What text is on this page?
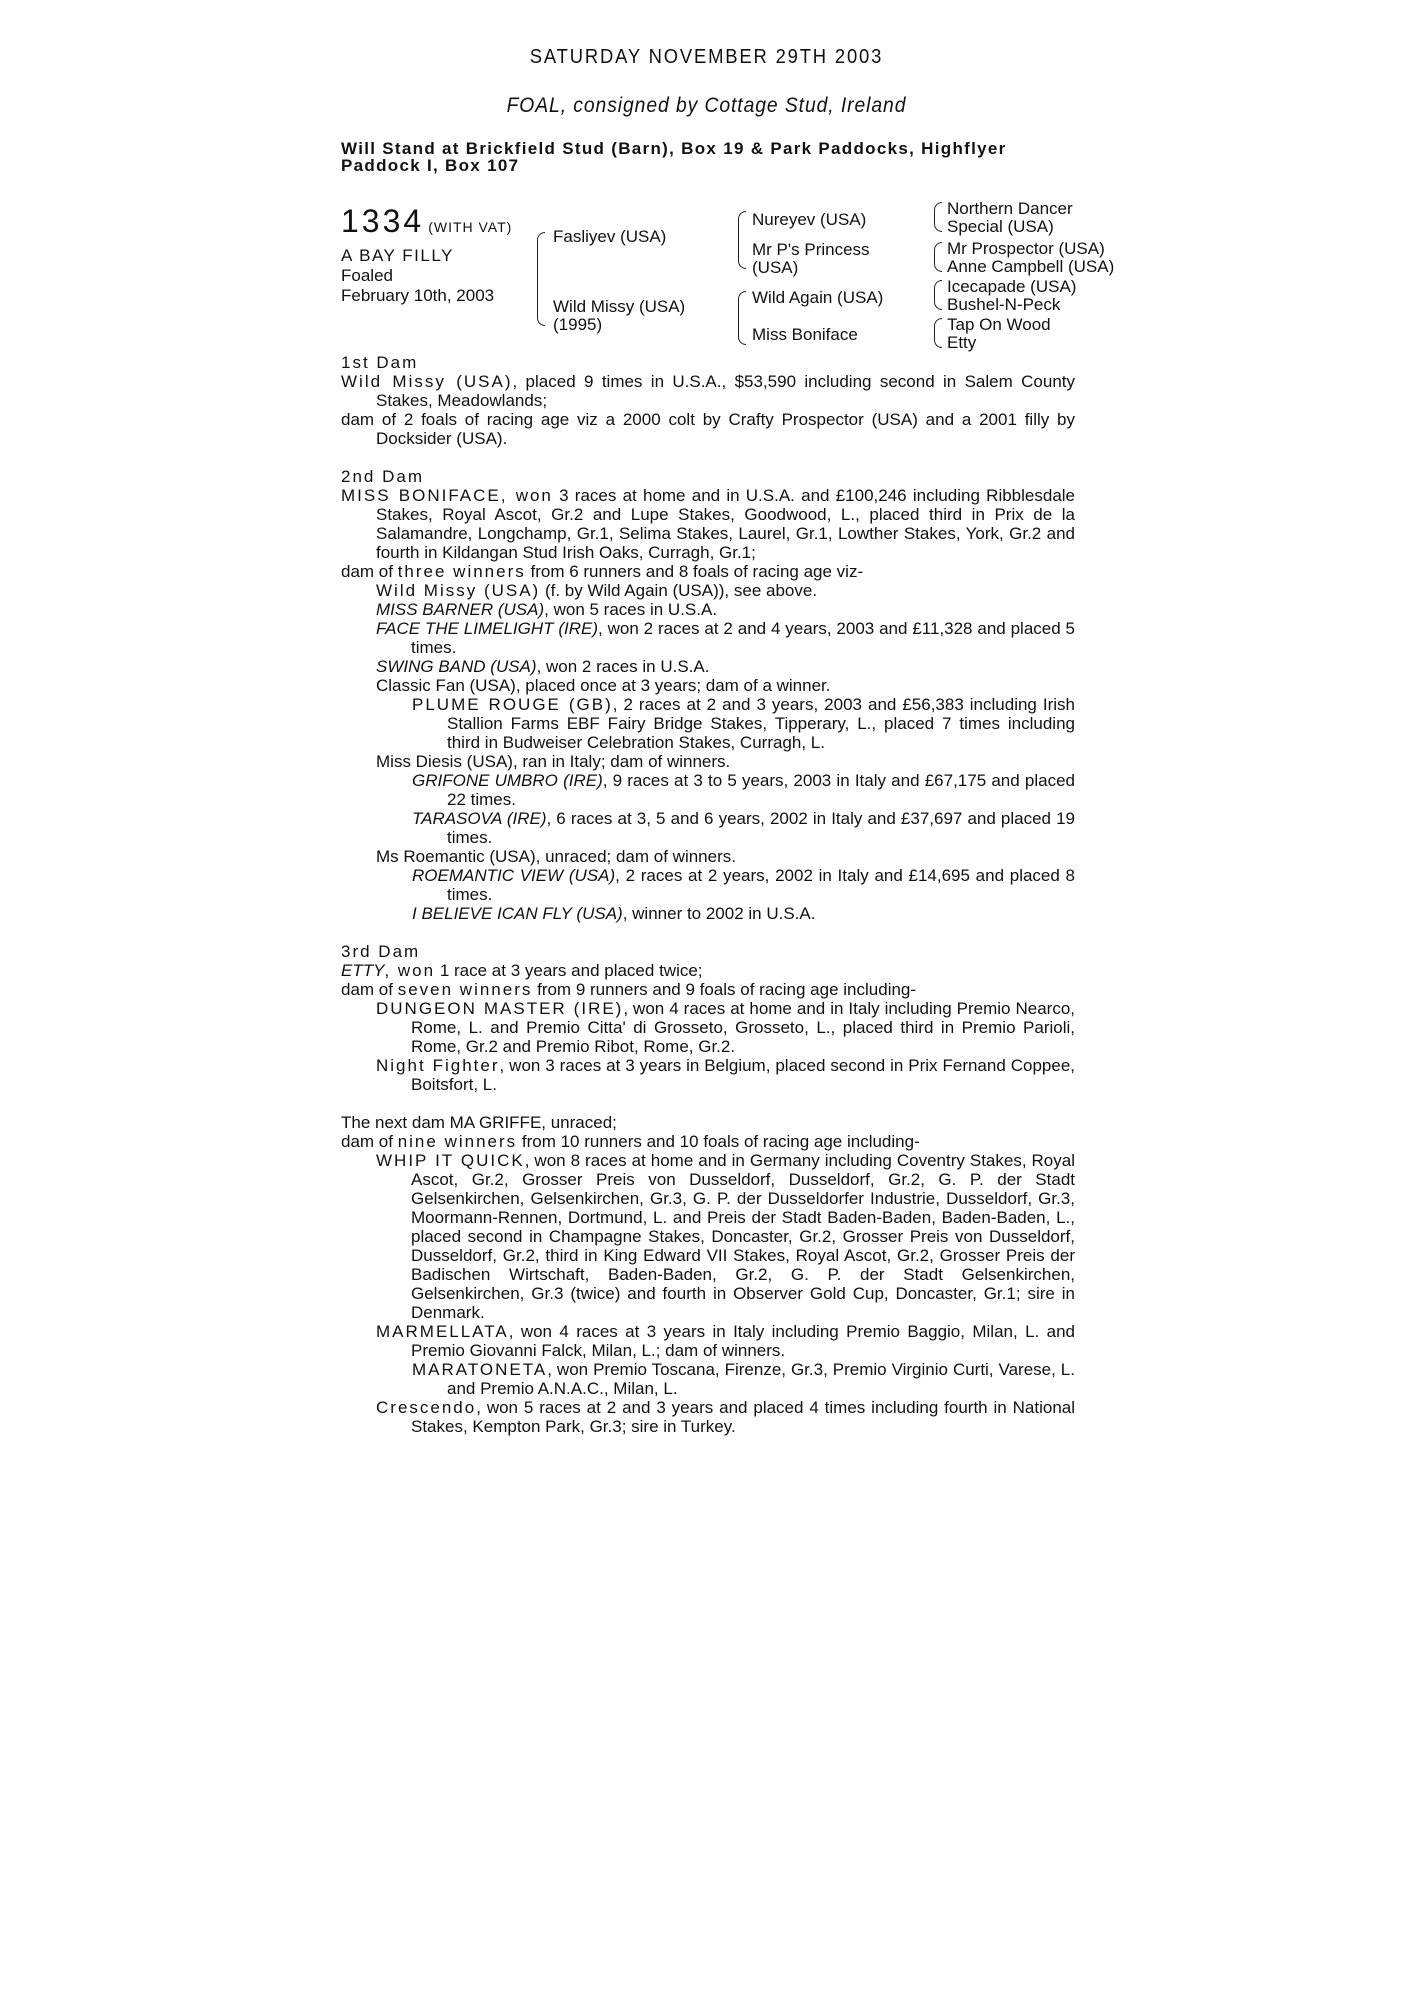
SATURDAY NOVEMBER 29TH 2003
FOAL, consigned by Cottage Stud, Ireland
Will Stand at Brickfield Stud (Barn), Box 19 & Park Paddocks, Highflyer Paddock I, Box 107
1334 (WITH VAT)
A BAY FILLY
Foaled
February 10th, 2003
Fasliyev (USA)
Wild Missy (USA)
(1995)
Nureyev (USA)
Mr P's Princess
(USA)
Wild Again (USA)
Miss Boniface
Northern Dancer
Special (USA)
Mr Prospector (USA)
Anne Campbell (USA)
Icecapade (USA)
Bushel-N-Peck
Tap On Wood
Etty

1st Dam

Wild Missy (USA), placed 9 times in U.S.A., $53,590 including second in Salem County Stakes, Meadowlands;

dam of 2 foals of racing age viz a 2000 colt by Crafty Prospector (USA) and a 2001 filly by Docksider (USA).

2nd Dam

MISS BONIFACE, won 3 races at home and in U.S.A. and £100,246 including Ribblesdale Stakes, Royal Ascot, Gr.2 and Lupe Stakes, Goodwood, L., placed third in Prix de la Salamandre, Longchamp, Gr.1, Selima Stakes, Laurel, Gr.1, Lowther Stakes, York, Gr.2 and fourth in Kildangan Stud Irish Oaks, Curragh, Gr.1;

dam of three winners from 6 runners and 8 foals of racing age viz-

Wild Missy (USA) (f. by Wild Again (USA)), see above.

MISS BARNER (USA), won 5 races in U.S.A.

FACE THE LIMELIGHT (IRE), won 2 races at 2 and 4 years, 2003 and £11,328 and placed 5 times.

SWING BAND (USA), won 2 races in U.S.A.

Classic Fan (USA), placed once at 3 years; dam of a winner.

PLUME ROUGE (GB), 2 races at 2 and 3 years, 2003 and £56,383 including Irish Stallion Farms EBF Fairy Bridge Stakes, Tipperary, L., placed 7 times including third in Budweiser Celebration Stakes, Curragh, L.

Miss Diesis (USA), ran in Italy; dam of winners.

GRIFONE UMBRO (IRE), 9 races at 3 to 5 years, 2003 in Italy and £67,175 and placed 22 times.

TARASOVA (IRE), 6 races at 3, 5 and 6 years, 2002 in Italy and £37,697 and placed 19 times.

Ms Roemantic (USA), unraced; dam of winners.

ROEMANTIC VIEW (USA), 2 races at 2 years, 2002 in Italy and £14,695 and placed 8 times.

I BELIEVE ICAN FLY (USA), winner to 2002 in U.S.A.

3rd Dam

ETTY, won 1 race at 3 years and placed twice;

dam of seven winners from 9 runners and 9 foals of racing age including-

DUNGEON MASTER (IRE), won 4 races at home and in Italy including Premio Nearco, Rome, L. and Premio Citta' di Grosseto, Grosseto, L., placed third in Premio Parioli, Rome, Gr.2 and Premio Ribot, Rome, Gr.2.

Night Fighter, won 3 races at 3 years in Belgium, placed second in Prix Fernand Coppee, Boitsfort, L.

The next dam MA GRIFFE, unraced;

dam of nine winners from 10 runners and 10 foals of racing age including-

WHIP IT QUICK, won 8 races at home and in Germany including Coventry Stakes, Royal Ascot, Gr.2, Grosser Preis von Dusseldorf, Dusseldorf, Gr.2, G. P. der Stadt Gelsenkirchen, Gelsenkirchen, Gr.3, G. P. der Dusseldorfer Industrie, Dusseldorf, Gr.3, Moormann-Rennen, Dortmund, L. and Preis der Stadt Baden-Baden, Baden-Baden, L., placed second in Champagne Stakes, Doncaster, Gr.2, Grosser Preis von Dusseldorf, Dusseldorf, Gr.2, third in King Edward VII Stakes, Royal Ascot, Gr.2, Grosser Preis der Badischen Wirtschaft, Baden-Baden, Gr.2, G. P. der Stadt Gelsenkirchen, Gelsenkirchen, Gr.3 (twice) and fourth in Observer Gold Cup, Doncaster, Gr.1; sire in Denmark.

MARMELLATA, won 4 races at 3 years in Italy including Premio Baggio, Milan, L. and Premio Giovanni Falck, Milan, L.; dam of winners.

MARATONETA, won Premio Toscana, Firenze, Gr.3, Premio Virginio Curti, Varese, L. and Premio A.N.A.C., Milan, L.

Crescendo, won 5 races at 2 and 3 years and placed 4 times including fourth in National Stakes, Kempton Park, Gr.3; sire in Turkey.
